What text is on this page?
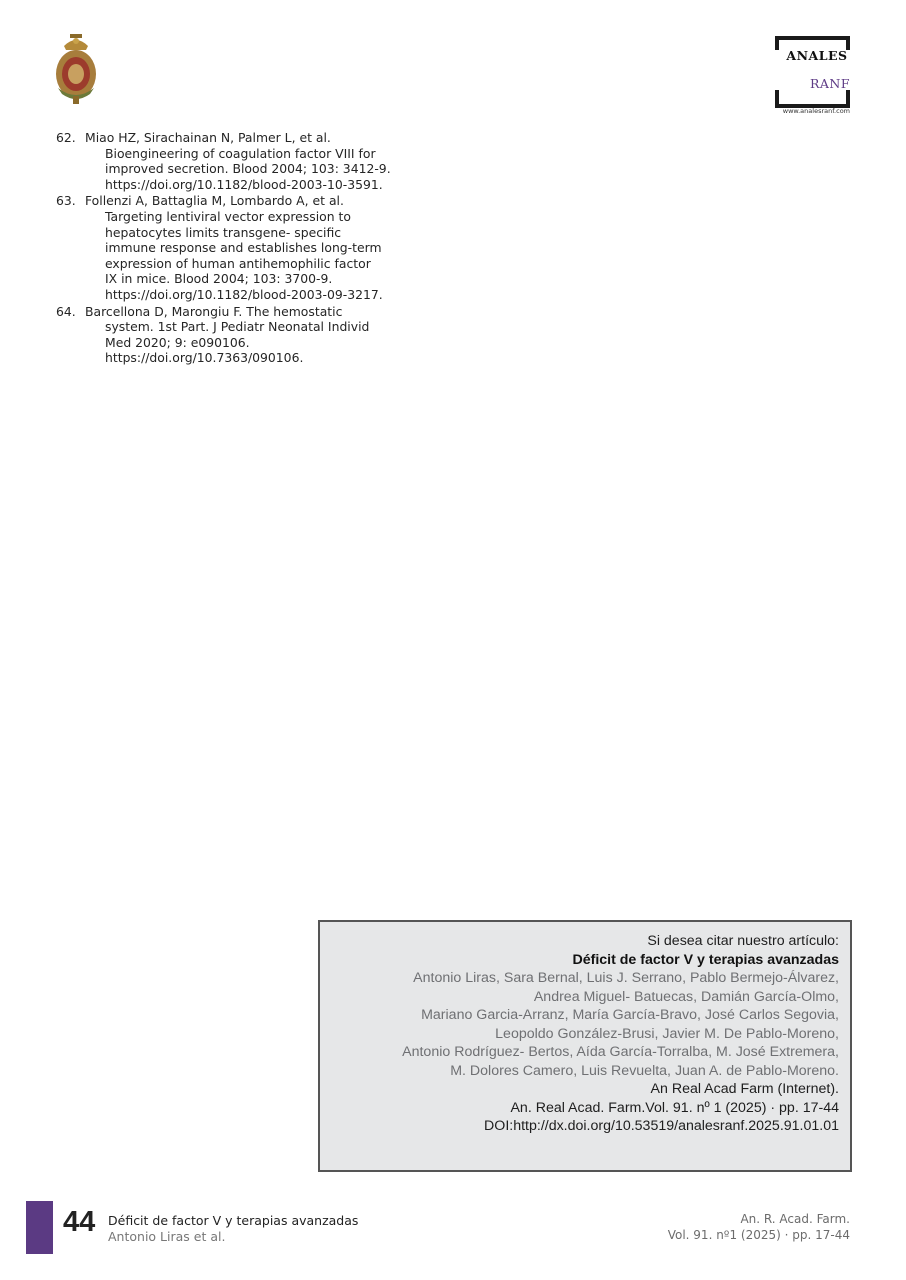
ANALES
RANF
www.analesranf.com
62. Miao HZ, Sirachainan N, Palmer L, et al.
Bioengineering of coagulation factor VIII for
improved secretion. Blood 2004; 103: 3412-9.
https://doi.org/10.1182/blood-2003-10-3591.
63. Follenzi A, Battaglia M, Lombardo A, et al.
Targeting lentiviral vector expression to
hepatocytes limits transgene- specific
immune response and establishes long-term
expression of human antihemophilic factor
IX in mice. Blood 2004; 103: 3700-9.
https://doi.org/10.1182/blood-2003-09-3217.
64. Barcellona D, Marongiu F. The hemostatic
system. 1st Part. J Pediatr Neonatal Individ
Med 2020; 9: e090106.
https://doi.org/10.7363/090106.
Si desea citar nuestro artículo:
Déficit de factor V y terapias avanzadas
Antonio Liras, Sara Bernal, Luis J. Serrano, Pablo Bermejo-Álvarez,
Andrea Miguel- Batuecas, Damián García-Olmo,
Mariano Garcia-Arranz, María García-Bravo, José Carlos Segovia,
Leopoldo González-Brusi, Javier M. De Pablo-Moreno,
Antonio Rodríguez- Bertos, Aída García-Torralba, M. José Extremera,
M. Dolores Camero, Luis Revuelta, Juan A. de Pablo-Moreno.
An Real Acad Farm (Internet).
An. Real Acad. Farm.Vol. 91. nº 1 (2025) · pp. 17-44
DOI:http://dx.doi.org/10.53519/analesranf.2025.91.01.01
44 Déficit de factor V y terapias avanzadas
Antonio Liras et al.
An. R. Acad. Farm.
Vol. 91. nº1 (2025) · pp. 17-44
